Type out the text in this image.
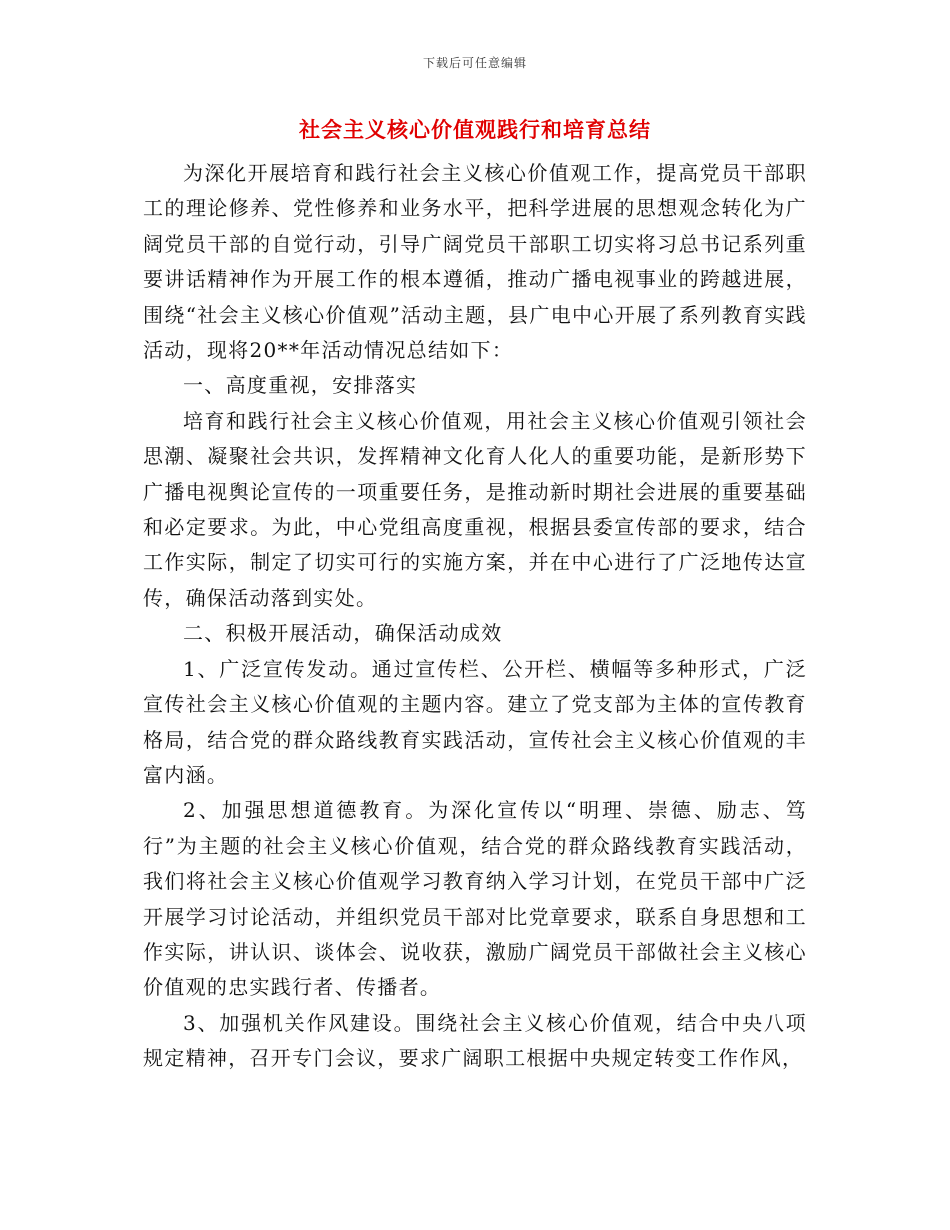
下载后可任意编辑
社会主义核心价值观践行和培育总结

为深化开展培育和践行社会主义核心价值观工作，提高党员干部职工的理论修养、党性修养和业务水平，把科学进展的思想观念转化为广阔党员干部的自觉行动，引导广阔党员干部职工切实将习总书记系列重要讲话精神作为开展工作的根本遵循，推动广播电视事业的跨越进展，围绕“社会主义核心价值观”活动主题，县广电中心开展了系列教育实践活动，现将20**年活动情况总结如下：

一、高度重视，安排落实

培育和践行社会主义核心价值观，用社会主义核心价值观引领社会思潮、凝聚社会共识，发挥精神文化育人化人的重要功能，是新形势下广播电视舆论宣传的一项重要任务，是推动新时期社会进展的重要基础和必定要求。为此，中心党组高度重视，根据县委宣传部的要求，结合工作实际，制定了切实可行的实施方案，并在中心进行了广泛地传达宣传，确保活动落到实处。

二、积极开展活动，确保活动成效

1、广泛宣传发动。通过宣传栏、公开栏、横幅等多种形式，广泛宣传社会主义核心价值观的主题内容。建立了党支部为主体的宣传教育格局，结合党的群众路线教育实践活动，宣传社会主义核心价值观的丰富内涵。

2、加强思想道德教育。为深化宣传以“明理、崇德、励志、笃行”为主题的社会主义核心价值观，结合党的群众路线教育实践活动，我们将社会主义核心价值观学习教育纳入学习计划，在党员干部中广泛开展学习讨论活动，并组织党员干部对比党章要求，联系自身思想和工作实际，讲认识、谈体会、说收获，激励广阔党员干部做社会主义核心价值观的忠实践行者、传播者。

3、加强机关作风建设。围绕社会主义核心价值观，结合中央八项规定精神，召开专门会议，要求广阔职工根据中央规定转变工作作风，
